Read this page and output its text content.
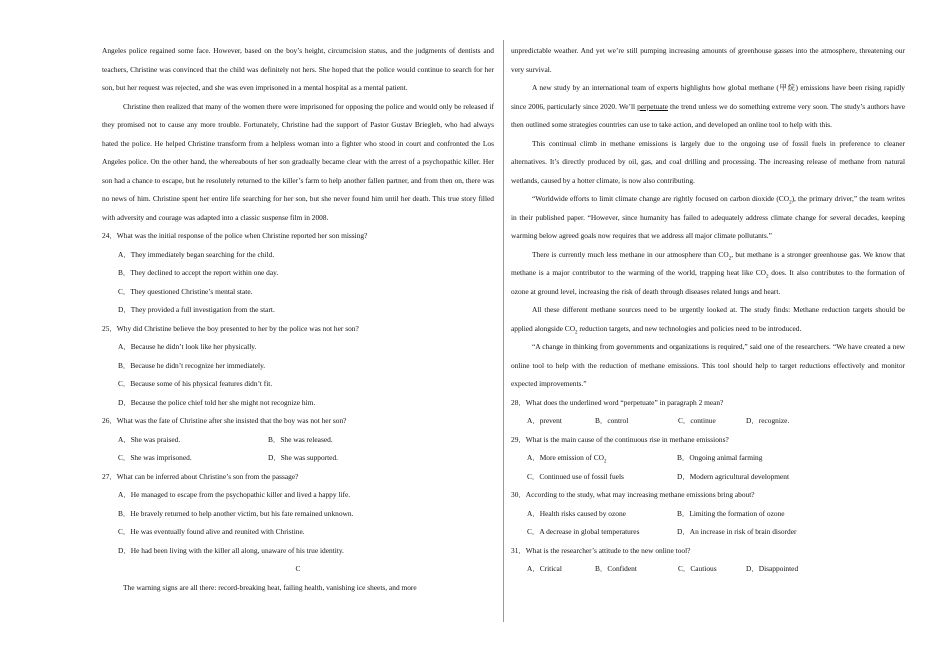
Angeles police regained some face. However, based on the boy’s height, circumcision status, and the judgments of dentists and teachers, Christine was convinced that the child was definitely not hers. She hoped that the police would continue to search for her son, but her request was rejected, and she was even imprisoned in a mental hospital as a mental patient.

Christine then realized that many of the women there were imprisoned for opposing the police and would only be released if they promised not to cause any more trouble. Fortunately, Christine had the support of Pastor Gustav Briegleb, who had always hated the police. He helped Christine transform from a helpless woman into a fighter who stood in court and confronted the Los Angeles police. On the other hand, the whereabouts of her son gradually became clear with the arrest of a psychopathic killer. Her son had a chance to escape, but he resolutely returned to the killer’s farm to help another fallen partner, and from then on, there was no news of him. Christine spent her entire life searching for her son, but she never found him until her death. This true story filled with adversity and courage was adapted into a classic suspense film in 2008.

24．What was the initial response of the police when Christine reported her son missing?

A．They immediately began searching for the child.

B．They declined to accept the report within one day.

C．They questioned Christine’s mental state.

D．They provided a full investigation from the start.

25．Why did Christine believe the boy presented to her by the police was not her son?

A．Because he didn’t look like her physically.

B．Because he didn’t recognize her immediately.

C．Because some of his physical features didn’t fit.

D．Because the police chief told her she might not recognize him.

26．What was the fate of Christine after she insisted that the boy was not her son?

A．She was praised.	B．She was released.
C．She was imprisoned.	D．She was supported.

27．What can be inferred about Christine’s son from the passage?

A．He managed to escape from the psychopathic killer and lived a happy life.

B．He bravely returned to help another victim, but his fate remained unknown.

C．He was eventually found alive and reunited with Christine.

D．He had been living with the killer all along, unaware of his true identity.

C

The warning signs are all there: record-breaking heat, failing health, vanishing ice sheets, and more

unpredictable weather. And yet we’re still pumping increasing amounts of greenhouse gasses into the atmosphere, threatening our very survival.

A new study by an international team of experts highlights how global methane (甲烷) emissions have been rising rapidly since 2006, particularly since 2020. We’ll perpetuate the trend unless we do something extreme very soon. The study’s authors have then outlined some strategies countries can use to take action, and developed an online tool to help with this.

This continual climb in methane emissions is largely due to the ongoing use of fossil fuels in preference to cleaner alternatives. It’s directly produced by oil, gas, and coal drilling and processing. The increasing release of methane from natural wetlands, caused by a hotter climate, is now also contributing.

“Worldwide efforts to limit climate change are rightly focused on carbon dioxide $(CO_2)$, the primary driver,” the team writes in their published paper. “However, since humanity has failed to adequately address climate change for several decades, keeping warming below agreed goals now requires that we address all major climate pollutants.”

There is currently much less methane in our atmosphere than $CO_2$, but methane is a stronger greenhouse gas. We know that methane is a major contributor to the warming of the world, trapping heat like $CO_2$ does. It also contributes to the formation of ozone at ground level, increasing the risk of death through diseases related lungs and heart.

All these different methane sources need to be urgently looked at. The study finds: Methane reduction targets should be applied alongside $CO_2$ reduction targets, and new technologies and policies need to be introduced.

“A change in thinking from governments and organizations is required,” said one of the researchers. “We have created a new online tool to help with the reduction of methane emissions. This tool should help to target reductions effectively and monitor expected improvements.”

28．What does the underlined word “perpetuate” in paragraph 2 mean?

A．prevent	B．control	C．continue	D．recognize.

29．What is the main cause of the continuous rise in methane emissions?

A．More emission of $CO_2$	B．Ongoing animal farming
C．Continued use of fossil fuels	D．Modern agricultural development

30．According to the study, what may increasing methane emissions bring about?

A．Health risks caused by ozone	B．Limiting the formation of ozone
C．A decrease in global temperatures	D．An increase in risk of brain disorder

31．What is the researcher’s attitude to the new online tool?

A．Critical	B．Confident	C．Cautious	D．Disappointed
